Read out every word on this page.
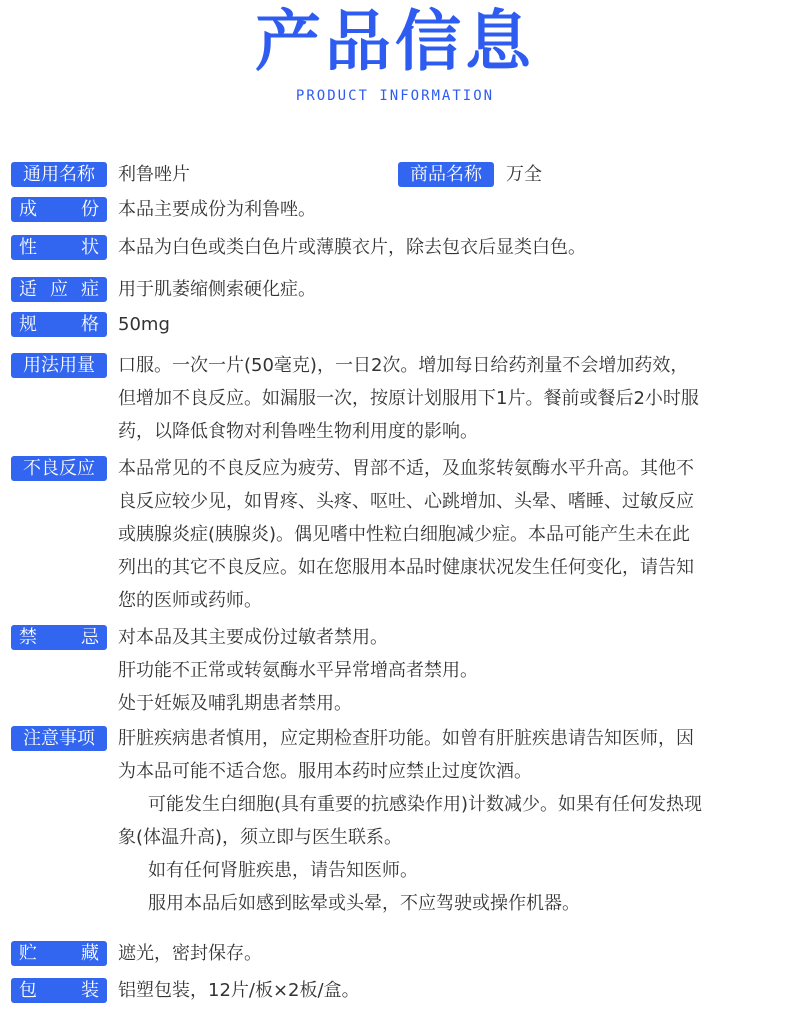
产品信息
PRODUCT INFORMATION
通用名称 利鲁唑片	商品名称 万全
成 份 本品主要成份为利鲁唑。
性 状 本品为白色或类白色片或薄膜衣片，除去包衣后显类白色。
适 应 症 用于肌萎缩侧索硬化症。
规 格 50mg
用法用量 口服。一次一片(50毫克)，一日2次。增加每日给药剂量不会增加药效，

但增加不良反应。如漏服一次，按原计划服用下1片。餐前或餐后2小时服

药，以降低食物对利鲁唑生物利用度的影响。

不良反应 本品常见的不良反应为疲劳、胃部不适，及血浆转氨酶水平升高。其他不

良反应较少见，如胃疼、头疼、呕吐、心跳增加、头晕、嗜睡、过敏反应

或胰腺炎症(胰腺炎)。偶见嗜中性粒白细胞减少症。本品可能产生未在此

列出的其它不良反应。如在您服用本品时健康状况发生任何变化，请告知

您的医师或药师。

禁 忌 对本品及其主要成份过敏者禁用。

肝功能不正常或转氨酶水平异常增高者禁用。

处于妊娠及哺乳期患者禁用。

注意事项 肝脏疾病患者慎用，应定期检查肝功能。如曾有肝脏疾患请告知医师，因

为本品可能不适合您。服用本药时应禁止过度饮酒。

可能发生白细胞(具有重要的抗感染作用)计数减少。如果有任何发热现

象(体温升高)，须立即与医生联系。

如有任何肾脏疾患，请告知医师。

服用本品后如感到眩晕或头晕，不应驾驶或操作机器。

贮 藏 遮光，密封保存。
包 装 铝塑包装，12片/板×2板/盒。
